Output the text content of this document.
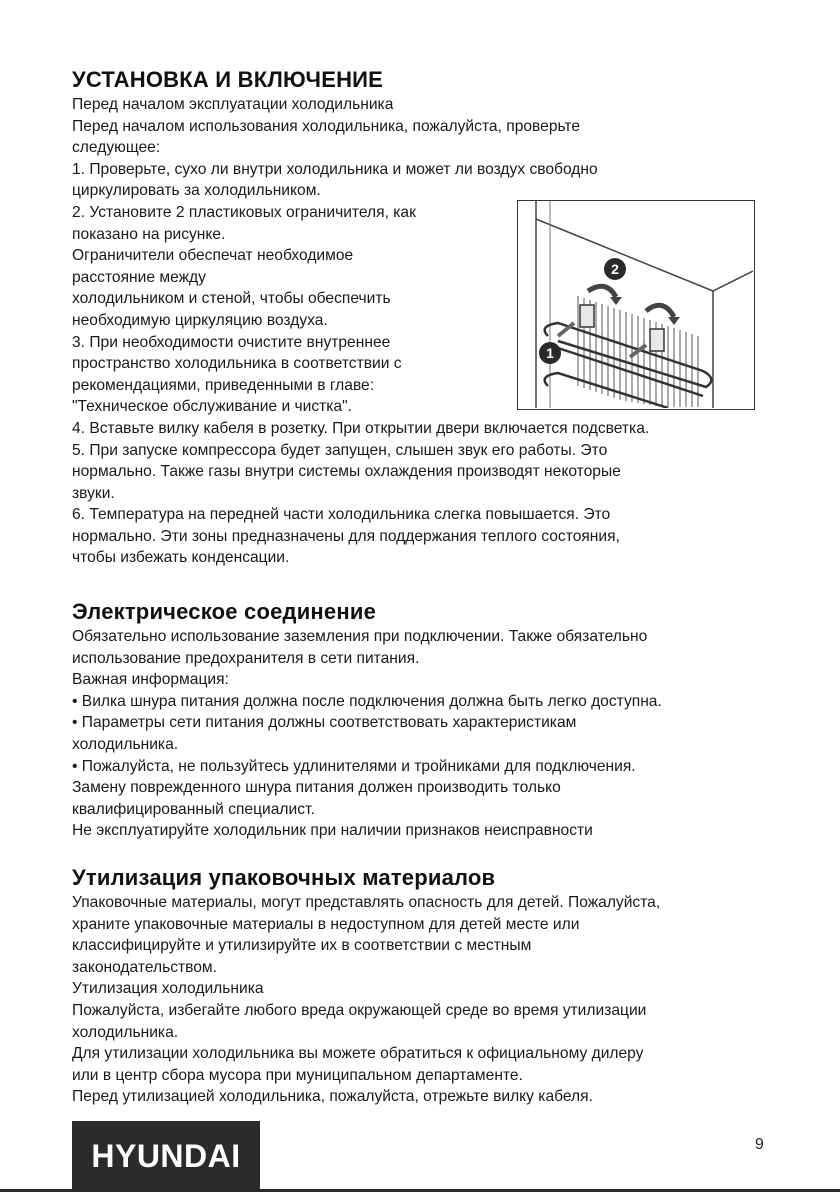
УСТАНОВКА И ВКЛЮЧЕНИЕ

Перед началом эксплуатации холодильника

Перед началом использования холодильника, пожалуйста, проверьте

следующее:

1. Проверьте, сухо ли внутри холодильника и может ли воздух свободно

циркулировать за холодильником.

2. Установите 2 пластиковых ограничителя, как

показано на рисунке.

Ограничители обеспечат необходимое

расстояние между

холодильником и стеной, чтобы обеспечить

необходимую циркуляцию воздуха.

3. При необходимости очистите внутреннее

пространство холодильника в соответствии с

рекомендациями, приведенными в главе:

"Техническое обслуживание и чистка".

4. Вставьте вилку кабеля в розетку. При открытии двери включается подсветка.

5. При запуске компрессора будет запущен, слышен звук его работы. Это

нормально. Также газы внутри системы охлаждения производят некоторые

звуки.

6. Температура на передней части холодильника слегка повышается. Это

нормально. Эти зоны предназначены для поддержания теплого состояния,

чтобы избежать конденсации.

2
1
Электрическое соединение

Обязательно использование заземления при подключении. Также обязательно

использование предохранителя в сети питания.

Важная информация:

• Вилка шнура питания должна после подключения должна быть легко доступна.

• Параметры сети питания должны соответствовать характеристикам

холодильника.

• Пожалуйста, не пользуйтесь удлинителями и тройниками для подключения.

Замену поврежденного шнура питания должен производить только

квалифицированный специалист.

Не эксплуатируйте холодильник при наличии признаков неисправности

Утилизация упаковочных материалов

Упаковочные материалы, могут представлять опасность для детей. Пожалуйста,

храните упаковочные материалы в недоступном для детей месте или

классифицируйте и утилизируйте их в соответствии с местным

законодательством.

Утилизация холодильника

Пожалуйста, избегайте любого вреда окружающей среде во время утилизации

холодильника.

Для утилизации холодильника вы можете обратиться к официальному дилеру

или в центр сбора мусора при муниципальном департаменте.

Перед утилизацией холодильника, пожалуйста, отрежьте вилку кабеля.

HYUNDAI	9
